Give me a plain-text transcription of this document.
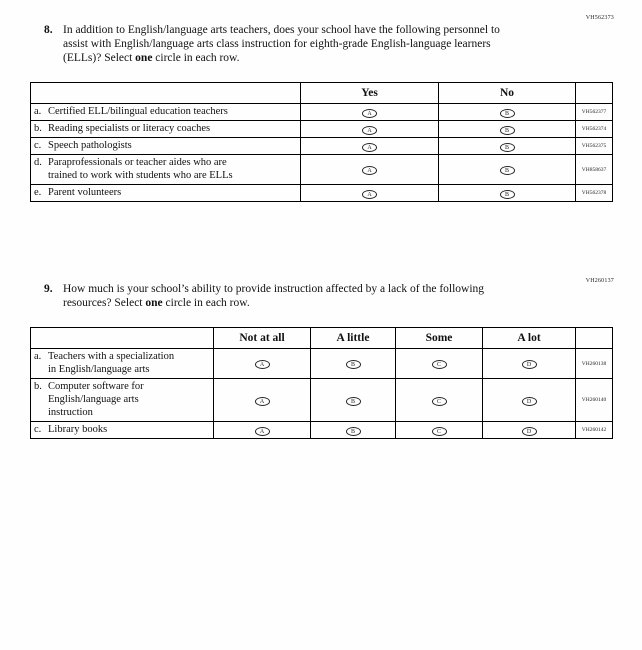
VH562373
8. In addition to English/language arts teachers, does your school have the following personnel to assist with English/language arts class instruction for eighth-grade English-language learners (ELLs)? Select one circle in each row.
	Yes	No	

a. Certified ELL/bilingual education teachers	A	B	VH562377

b. Reading specialists or literacy coaches	A	B	VH562374

c. Speech pathologists	A	B	VH562375

d. Paraprofessionals or teacher aides who are trained to work with students who are ELLs	A	B	VH858637

e. Parent volunteers	A	B	VH562378
VH260137
9. How much is your school’s ability to provide instruction affected by a lack of the following resources? Select one circle in each row.
	Not at all	A little	Some	A lot	

a. Teachers with a specialization in English/language arts	A	B	C	D	VH260138

b. Computer software for English/language arts instruction	A	B	C	D	VH260140

c. Library books	A	B	C	D	VH260142
